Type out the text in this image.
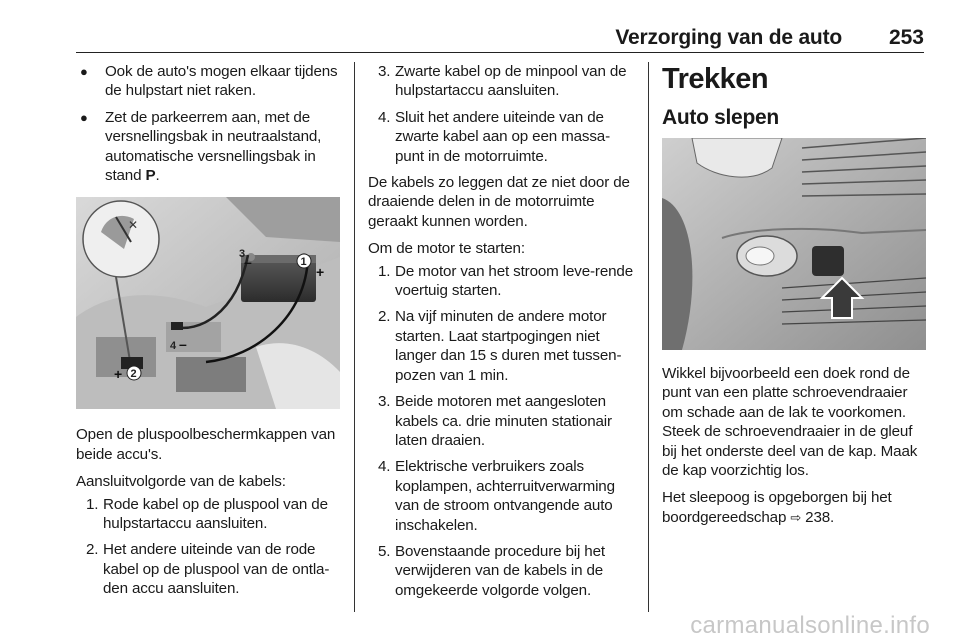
Verzorging van de auto 253
● Ook de auto's mogen elkaar tijdens de hulpstart niet raken.
● Zet de parkeerrem aan, met de versnellingsbak in neutraalstand, automatische versnellingsbak in stand P.
✕
1
+
2
+
3 –
4 –

Open de pluspoolbeschermkappen van beide accu's.

Aansluitvolgorde van de kabels:

1. Rode kabel op de pluspool van de hulpstartaccu aansluiten.
2. Het andere uiteinde van de rode kabel op de pluspool van de ontla-den accu aansluiten.
3. Zwarte kabel op de minpool van de hulpstartaccu aansluiten.
4. Sluit het andere uiteinde van de zwarte kabel aan op een massa-punt in de motorruimte.

De kabels zo leggen dat ze niet door de draaiende delen in de motorruimte geraakt kunnen worden.

Om de motor te starten:

1. De motor van het stroom leve-rende voertuig starten.
2. Na vijf minuten de andere motor starten. Laat startpogingen niet langer dan 15 s duren met tussen-pozen van 1 min.
3. Beide motoren met aangesloten kabels ca. drie minuten stationair laten draaien.
4. Elektrische verbruikers zoals koplampen, achterruitverwarming van de stroom ontvangende auto inschakelen.
5. Bovenstaande procedure bij het verwijderen van de kabels in de omgekeerde volgorde volgen.
Trekken
Auto slepen

Wikkel bijvoorbeeld een doek rond de punt van een platte schroevendraaier om schade aan de lak te voorkomen. Steek de schroevendraaier in de gleuf bij het onderste deel van de kap. Maak de kap voorzichtig los.

Het sleepoog is opgeborgen bij het boordgereedschap ⇨ 238.

carmanualsonline.info
